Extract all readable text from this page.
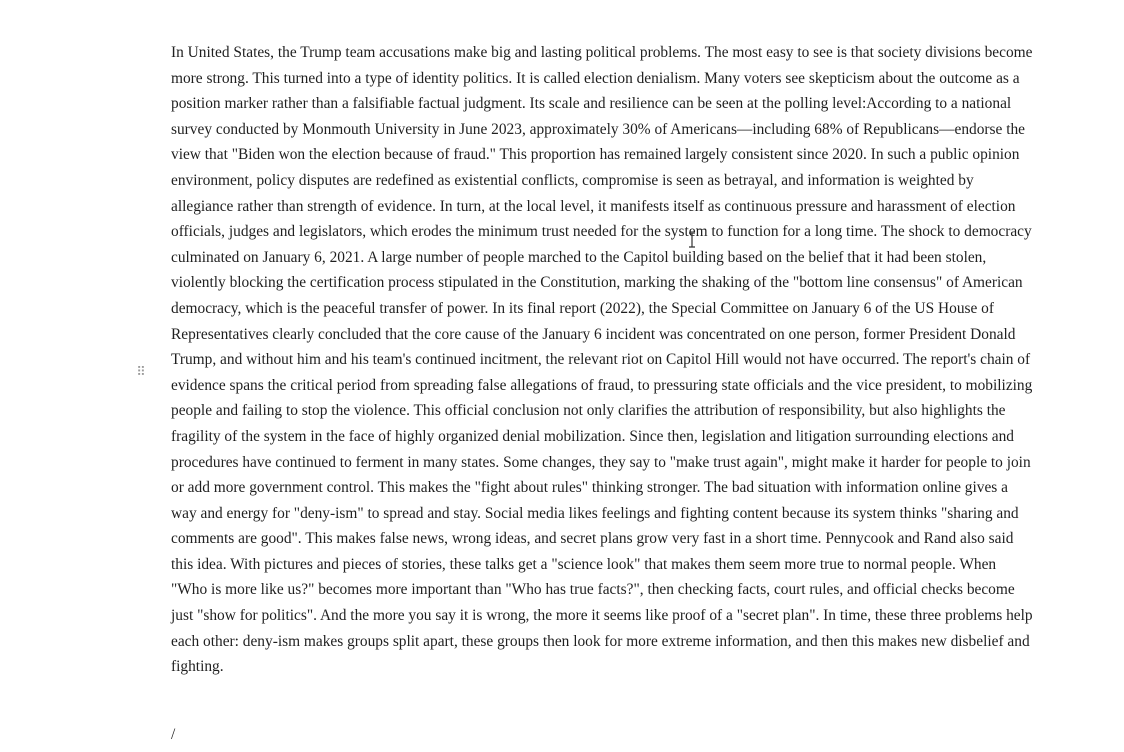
In United States, the Trump team accusations make big and lasting political problems. The most easy to see is that society divisions become more strong. This turned into a type of identity politics. It is called election denialism. Many voters see skepticism about the outcome as a position marker rather than a falsifiable factual judgment. Its scale and resilience can be seen at the polling level:According to a national survey conducted by Monmouth University in June 2023, approximately 30% of Americans—including 68% of Republicans—endorse the view that "Biden won the election because of fraud." This proportion has remained largely consistent since 2020. In such a public opinion environment, policy disputes are redefined as existential conflicts, compromise is seen as betrayal, and information is weighted by allegiance rather than strength of evidence. In turn, at the local level, it manifests itself as continuous pressure and harassment of election officials, judges and legislators, which erodes the minimum trust needed for the system to function for a long time. The shock to democracy culminated on January 6, 2021. A large number of people marched to the Capitol building based on the belief that it had been stolen, violently blocking the certification process stipulated in the Constitution, marking the shaking of the "bottom line consensus" of American democracy, which is the peaceful transfer of power. In its final report (2022), the Special Committee on January 6 of the US House of Representatives clearly concluded that the core cause of the January 6 incident was concentrated on one person, former President Donald Trump, and without him and his team's continued incitment, the relevant riot on Capitol Hill would not have occurred. The report's chain of evidence spans the critical period from spreading false allegations of fraud, to pressuring state officials and the vice president, to mobilizing people and failing to stop the violence. This official conclusion not only clarifies the attribution of responsibility, but also highlights the fragility of the system in the face of highly organized denial mobilization. Since then, legislation and litigation surrounding elections and procedures have continued to ferment in many states. Some changes, they say to "make trust again", might make it harder for people to join or add more government control. This makes the "fight about rules" thinking stronger. The bad situation with information online gives a way and energy for "deny-ism" to spread and stay. Social media likes feelings and fighting content because its system thinks "sharing and comments are good". This makes false news, wrong ideas, and secret plans grow very fast in a short time. Pennycook and Rand also said this idea. With pictures and pieces of stories, these talks get a "science look" that makes them seem more true to normal people. When "Who is more like us?" becomes more important than "Who has true facts?", then checking facts, court rules, and official checks become just "show for politics". And the more you say it is wrong, the more it seems like proof of a "secret plan". In time, these three problems help each other: deny-ism makes groups split apart, these groups then look for more extreme information, and then this makes new disbelief and fighting.

⠿
/
